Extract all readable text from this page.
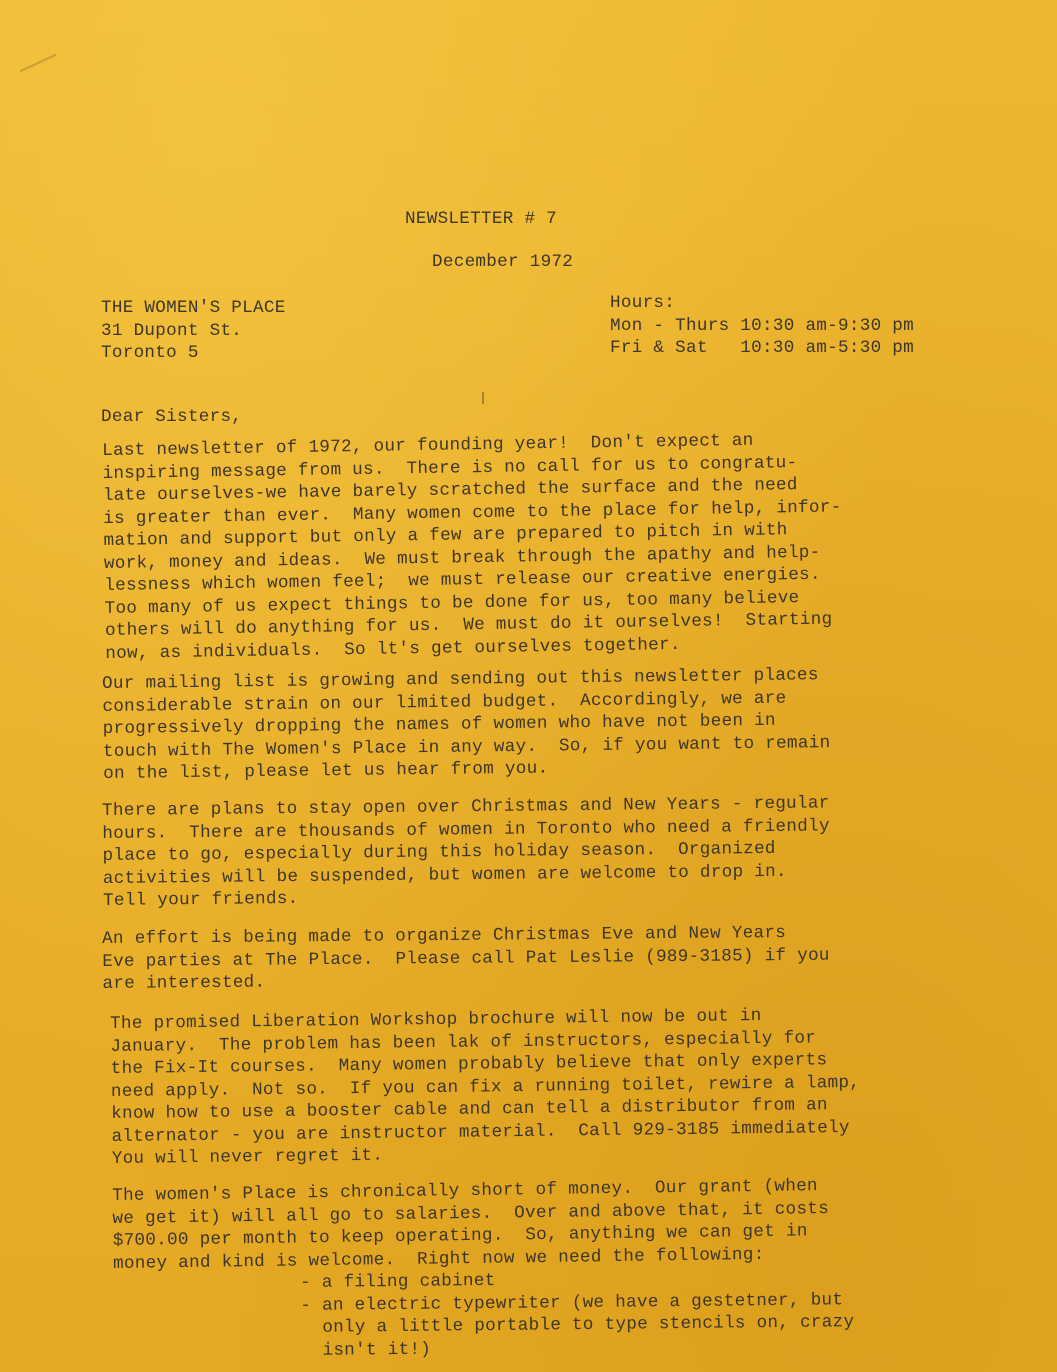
NEWSLETTER # 7
December 1972
THE WOMEN'S PLACE
31 Dupont St.
Toronto 5
Hours:
Mon - Thurs 10:30 am-9:30 pm
Fri & Sat   10:30 am-5:30 pm
Dear Sisters,
Last newsletter of 1972, our founding year!  Don't expect an
inspiring message from us.  There is no call for us to congratu-
late ourselves-we have barely scratched the surface and the need
is greater than ever.  Many women come to the place for help, infor-
mation and support but only a few are prepared to pitch in with
work, money and ideas.  We must break through the apathy and help-
lessness which women feel;  we must release our creative energies.
Too many of us expect things to be done for us, too many believe
others will do anything for us.  We must do it ourselves!  Starting
now, as individuals.  So lt's get ourselves together.
Our mailing list is growing and sending out this newsletter places
considerable strain on our limited budget.  Accordingly, we are
progressively dropping the names of women who have not been in
touch with The Women's Place in any way.  So, if you want to remain
on the list, please let us hear from you.
There are plans to stay open over Christmas and New Years - regular
hours.  There are thousands of women in Toronto who need a friendly
place to go, especially during this holiday season.  Organized
activities will be suspended, but women are welcome to drop in.
Tell your friends.
An effort is being made to organize Christmas Eve and New Years
Eve parties at The Place.  Please call Pat Leslie (989-3185) if you
are interested.
The promised Liberation Workshop brochure will now be out in
January.  The problem has been lak of instructors, especially for
the Fix-It courses.  Many women probably believe that only experts
need apply.  Not so.  If you can fix a running toilet, rewire a lamp,
know how to use a booster cable and can tell a distributor from an
alternator - you are instructor material.  Call 929-3185 immediately
You will never regret it.
The women's Place is chronically short of money.  Our grant (when
we get it) will all go to salaries.  Over and above that, it costs
$700.00 per month to keep operating.  So, anything we can get in
money and kind is welcome.  Right now we need the following:
- a filing cabinet
- an electric typewriter (we have a gestetner, but
only a little portable to type stencils on, crazy
isn't it!)
